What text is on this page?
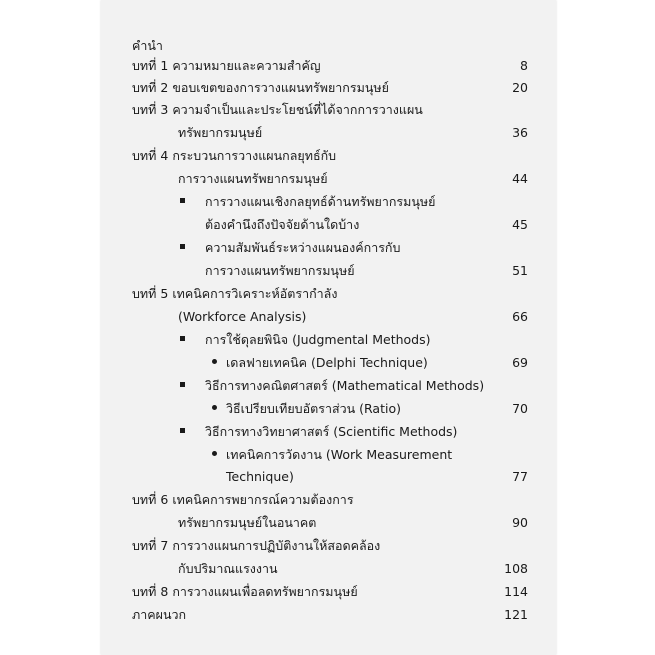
คำนำ
บทที่ 1 ความหมายและความสำคัญ	8
บทที่ 2 ขอบเขตของการวางแผนทรัพยากรมนุษย์	20
บทที่ 3 ความจำเป็นและประโยชน์ที่ได้จากการวางแผน
ทรัพยากรมนุษย์	36
บทที่ 4 กระบวนการวางแผนกลยุทธ์กับ
การวางแผนทรัพยากรมนุษย์	44
การวางแผนเชิงกลยุทธ์ด้านทรัพยากรมนุษย์
ต้องคำนึงถึงปัจจัยด้านใดบ้าง	45
ความสัมพันธ์ระหว่างแผนองค์การกับ
การวางแผนทรัพยากรมนุษย์	51
บทที่ 5 เทคนิคการวิเคราะห์อัตรากำลัง
(Workforce Analysis)	66
การใช้ดุลยพินิจ (Judgmental Methods)
เดลฟายเทคนิค (Delphi Technique)	69
วิธีการทางคณิตศาสตร์ (Mathematical Methods)
วิธีเปรียบเทียบอัตราส่วน (Ratio)	70
วิธีการทางวิทยาศาสตร์ (Scientific Methods)
เทคนิคการวัดงาน (Work Measurement
Technique)	77
บทที่ 6 เทคนิคการพยากรณ์ความต้องการ
ทรัพยากรมนุษย์ในอนาคต	90
บทที่ 7 การวางแผนการปฏิบัติงานให้สอดคล้อง
กับปริมาณแรงงาน	108
บทที่ 8 การวางแผนเพื่อลดทรัพยากรมนุษย์	114
ภาคผนวก	121
